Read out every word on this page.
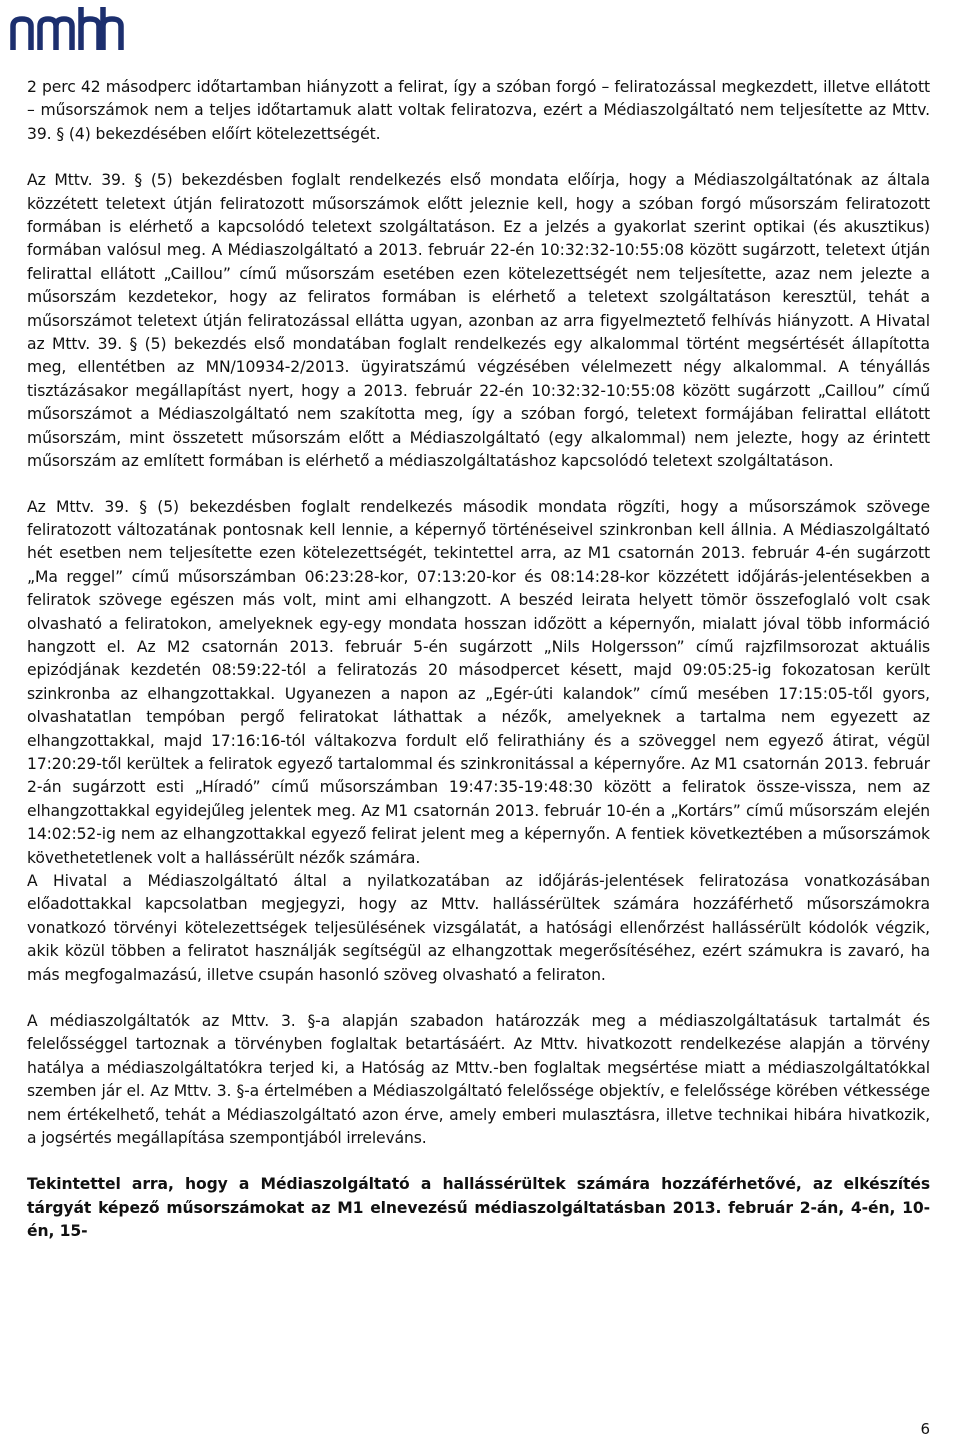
2 perc 42 másodperc időtartamban hiányzott a felirat, így a szóban forgó – feliratozással megkezdett, illetve ellátott – műsorszámok nem a teljes időtartamuk alatt voltak feliratozva, ezért a Médiaszolgáltató nem teljesítette az Mttv. 39. § (4) bekezdésében előírt kötelezettségét.

Az Mttv. 39. § (5) bekezdésben foglalt rendelkezés első mondata előírja, hogy a Médiaszolgáltatónak az általa közzétett teletext útján feliratozott műsorszámok előtt jeleznie kell, hogy a szóban forgó műsorszám feliratozott formában is elérhető a kapcsolódó teletext szolgáltatáson. Ez a jelzés a gyakorlat szerint optikai (és akusztikus) formában valósul meg. A Médiaszolgáltató a 2013. február 22-én 10:32:32-10:55:08 között sugárzott, teletext útján felirattal ellátott „Caillou” című műsorszám esetében ezen kötelezettségét nem teljesítette, azaz nem jelezte a műsorszám kezdetekor, hogy az feliratos formában is elérhető a teletext szolgáltatáson keresztül, tehát a műsorszámot teletext útján feliratozással ellátta ugyan, azonban az arra figyelmeztető felhívás hiányzott. A Hivatal az Mttv. 39. § (5) bekezdés első mondatában foglalt rendelkezés egy alkalommal történt megsértését állapította meg, ellentétben az MN/10934-2/2013. ügyiratszámú végzésében vélelmezett négy alkalommal. A tényállás tisztázásakor megállapítást nyert, hogy a 2013. február 22-én 10:32:32-10:55:08 között sugárzott „Caillou” című műsorszámot a Médiaszolgáltató nem szakította meg, így a szóban forgó, teletext formájában felirattal ellátott műsorszám, mint összetett műsorszám előtt a Médiaszolgáltató (egy alkalommal) nem jelezte, hogy az érintett műsorszám az említett formában is elérhető a médiaszolgáltatáshoz kapcsolódó teletext szolgáltatáson.

Az Mttv. 39. § (5) bekezdésben foglalt rendelkezés második mondata rögzíti, hogy a műsorszámok szövege feliratozott változatának pontosnak kell lennie, a képernyő történéseivel szinkronban kell állnia. A Médiaszolgáltató hét esetben nem teljesítette ezen kötelezettségét, tekintettel arra, az M1 csatornán 2013. február 4-én sugárzott „Ma reggel” című műsorszámban 06:23:28-kor, 07:13:20-kor és 08:14:28-kor közzétett időjárás-jelentésekben a feliratok szövege egészen más volt, mint ami elhangzott. A beszéd leirata helyett tömör összefoglaló volt csak olvasható a feliratokon, amelyeknek egy-egy mondata hosszan időzött a képernyőn, mialatt jóval több információ hangzott el. Az M2 csatornán 2013. február 5-én sugárzott „Nils Holgersson” című rajzfilmsorozat aktuális epizódjának kezdetén 08:59:22-tól a feliratozás 20 másodpercet késett, majd 09:05:25-ig fokozatosan került szinkronba az elhangzottakkal. Ugyanezen a napon az „Egér-úti kalandok” című mesében 17:15:05-től gyors, olvashatatlan tempóban pergő feliratokat láthattak a nézők, amelyeknek a tartalma nem egyezett az elhangzottakkal, majd 17:16:16-tól váltakozva fordult elő felirathiány és a szöveggel nem egyező átirat, végül 17:20:29-től kerültek a feliratok egyező tartalommal és szinkronitással a képernyőre. Az M1 csatornán 2013. február 2-án sugárzott esti „Híradó” című műsorszámban 19:47:35-19:48:30 között a feliratok össze-vissza, nem az elhangzottakkal egyidejűleg jelentek meg. Az M1 csatornán 2013. február 10-én a „Kortárs” című műsorszám elején 14:02:52-ig nem az elhangzottakkal egyező felirat jelent meg a képernyőn. A fentiek következtében a műsorszámok követhetetlenek volt a hallássérült nézők számára.

A Hivatal a Médiaszolgáltató által a nyilatkozatában az időjárás-jelentések feliratozása vonatkozásában előadottakkal kapcsolatban megjegyzi, hogy az Mttv. hallássérültek számára hozzáférhető műsorszámokra vonatkozó törvényi kötelezettségek teljesülésének vizsgálatát, a hatósági ellenőrzést hallássérült kódolók végzik, akik közül többen a feliratot használják segítségül az elhangzottak megerősítéséhez, ezért számukra is zavaró, ha más megfogalmazású, illetve csupán hasonló szöveg olvasható a feliraton.

A médiaszolgáltatók az Mttv. 3. §-a alapján szabadon határozzák meg a médiaszolgáltatásuk tartalmát és felelősséggel tartoznak a törvényben foglaltak betartásáért. Az Mttv. hivatkozott rendelkezése alapján a törvény hatálya a médiaszolgáltatókra terjed ki, a Hatóság az Mttv.-ben foglaltak megsértése miatt a médiaszolgáltatókkal szemben jár el. Az Mttv. 3. §-a értelmében a Médiaszolgáltató felelőssége objektív, e felelőssége körében vétkessége nem értékelhető, tehát a Médiaszolgáltató azon érve, amely emberi mulasztásra, illetve technikai hibára hivatkozik, a jogsértés megállapítása szempontjából irreleváns.

Tekintettel arra, hogy a Médiaszolgáltató a hallássérültek számára hozzáférhetővé, az elkészítés tárgyát képező műsorszámokat az M1 elnevezésű médiaszolgáltatásban 2013. február 2-án, 4-én, 10-én, 15-

6
